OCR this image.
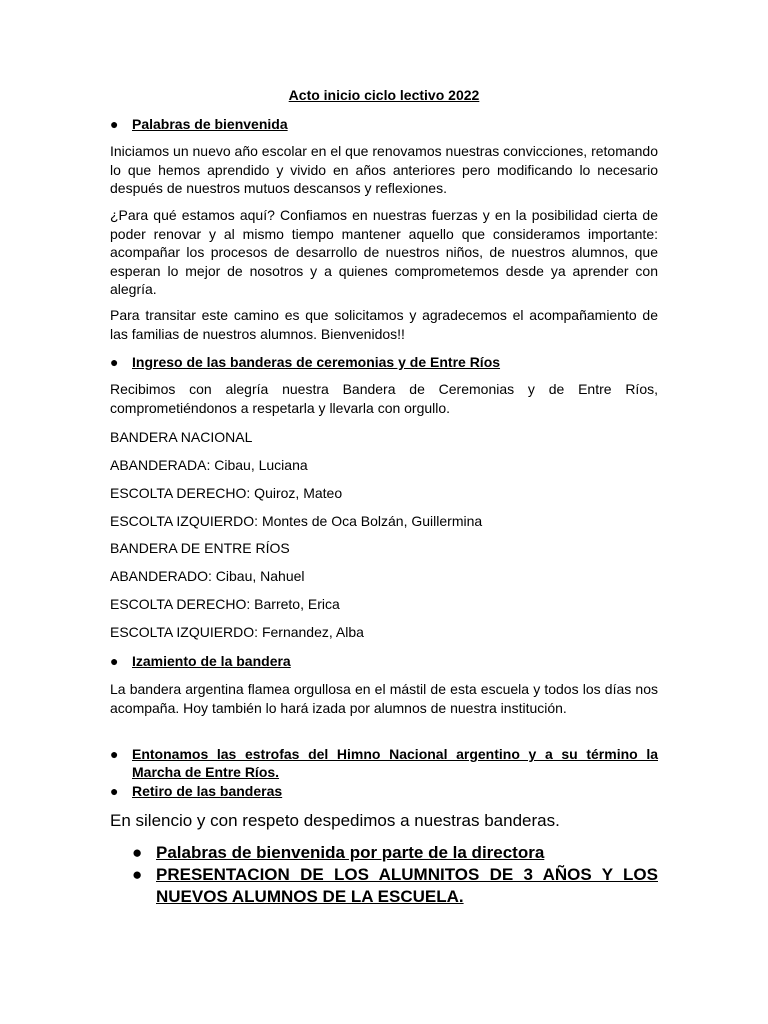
Acto inicio ciclo lectivo 2022
● Palabras de bienvenida
Iniciamos un nuevo año escolar en el que renovamos nuestras convicciones, retomando lo que hemos aprendido y vivido en años anteriores pero modificando lo necesario después de nuestros mutuos descansos y reflexiones.
¿Para qué estamos aquí? Confiamos en nuestras fuerzas y en la posibilidad cierta de poder renovar y al mismo tiempo mantener aquello que consideramos importante: acompañar los procesos de desarrollo de nuestros niños, de nuestros alumnos, que esperan lo mejor de nosotros y a quienes comprometemos desde ya aprender con alegría.
Para transitar este camino es que solicitamos y agradecemos el acompañamiento de las familias de nuestros alumnos. Bienvenidos!!
● Ingreso de las banderas de ceremonias y de Entre Ríos
Recibimos con alegría nuestra Bandera de Ceremonias y de Entre Ríos, comprometiéndonos a respetarla y llevarla con orgullo.
BANDERA NACIONAL
ABANDERADA: Cibau, Luciana
ESCOLTA DERECHO: Quiroz, Mateo
ESCOLTA IZQUIERDO: Montes de Oca Bolzán, Guillermina
BANDERA DE ENTRE RÍOS
ABANDERADO: Cibau, Nahuel
ESCOLTA DERECHO: Barreto, Erica
ESCOLTA IZQUIERDO: Fernandez, Alba
● Izamiento de la bandera
La bandera argentina flamea orgullosa en el mástil de esta escuela y todos los días nos acompaña. Hoy también lo hará izada por alumnos de nuestra institución.
● Entonamos las estrofas del Himno Nacional argentino y a su término la Marcha de Entre Ríos.
● Retiro de las banderas
En silencio y con respeto despedimos a nuestras banderas.
● Palabras de bienvenida por parte de la directora
● PRESENTACION DE LOS ALUMNITOS DE 3 AÑOS Y LOS NUEVOS ALUMNOS DE LA ESCUELA.
